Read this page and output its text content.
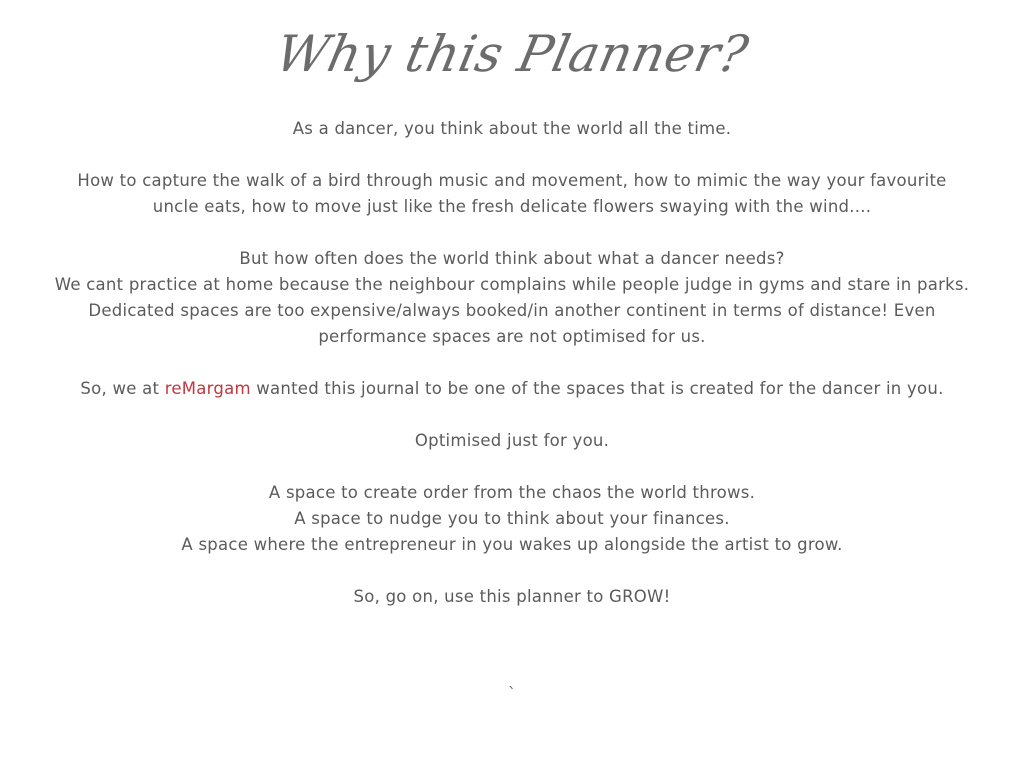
Why this Planner?
As a dancer, you think about the world all the time.
How to capture the walk of a bird through music and movement, how to mimic the way your favourite
uncle eats, how to move just like the fresh delicate flowers swaying with the wind....
But how often does the world think about what a dancer needs?
We cant practice at home because the neighbour complains while people judge in gyms and stare in parks.
Dedicated spaces are too expensive/always booked/in another continent in terms of distance! Even
performance spaces are not optimised for us.
So, we at reMargam wanted this journal to be one of the spaces that is created for the dancer in you.
Optimised just for you.
A space to create order from the chaos the world throws.
A space to nudge you to think about your finances.
A space where the entrepreneur in you wakes up alongside the artist to grow.
So, go on, use this planner to GROW!
`
